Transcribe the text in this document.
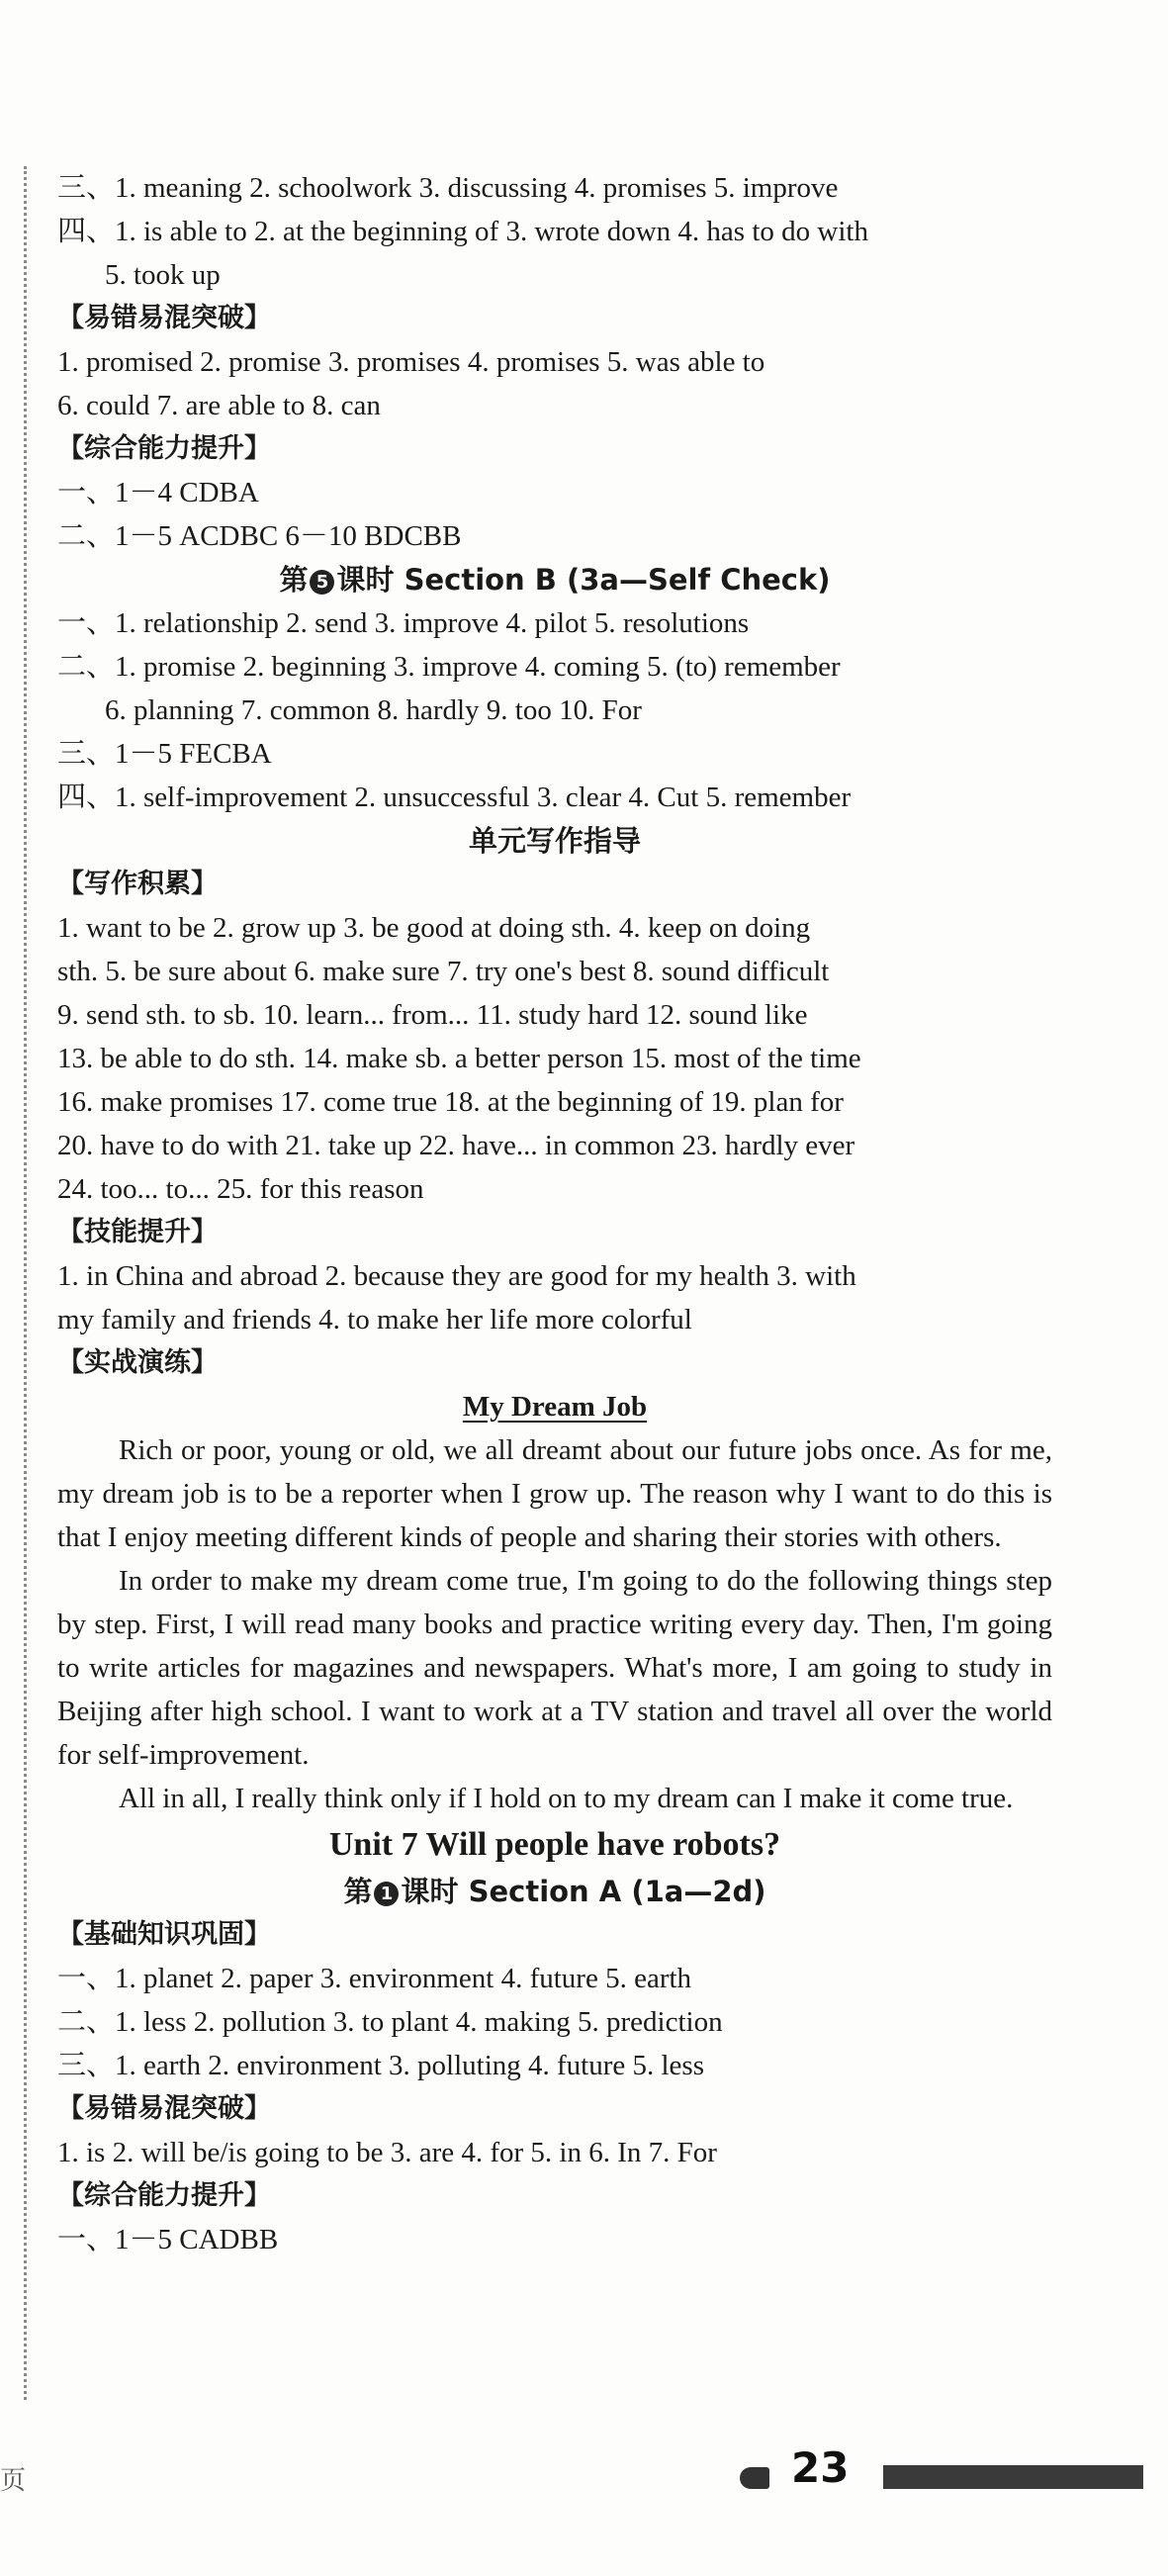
三、1. meaning 2. schoolwork 3. discussing 4. promises 5. improve
四、1. is able to 2. at the beginning of 3. wrote down 4. has to do with
5. took up
【易错易混突破】
1. promised 2. promise 3. promises 4. promises 5. was able to
6. could 7. are able to 8. can
【综合能力提升】
一、1－4 CDBA
二、1－5 ACDBC 6－10 BDCBB
第 5 课时 Section B (3a—Self Check)
一、1. relationship 2. send 3. improve 4. pilot 5. resolutions
二、1. promise 2. beginning 3. improve 4. coming 5. (to) remember
6. planning 7. common 8. hardly 9. too 10. For
三、1－5 FECBA
四、1. self-improvement 2. unsuccessful 3. clear 4. Cut 5. remember
单元写作指导
【写作积累】
1. want to be 2. grow up 3. be good at doing sth. 4. keep on doing
sth. 5. be sure about 6. make sure 7. try one's best 8. sound difficult
9. send sth. to sb. 10. learn... from... 11. study hard 12. sound like
13. be able to do sth. 14. make sb. a better person 15. most of the time
16. make promises 17. come true 18. at the beginning of 19. plan for
20. have to do with 21. take up 22. have... in common 23. hardly ever
24. too... to... 25. for this reason
【技能提升】
1. in China and abroad 2. because they are good for my health 3. with
my family and friends 4. to make her life more colorful
【实战演练】
My Dream Job

Rich or poor, young or old, we all dreamt about our future jobs once. As for me, my dream job is to be a reporter when I grow up. The reason why I want to do this is that I enjoy meeting different kinds of people and sharing their stories with others.

In order to make my dream come true, I'm going to do the following things step by step. First, I will read many books and practice writing every day. Then, I'm going to write articles for magazines and newspapers. What's more, I am going to study in Beijing after high school. I want to work at a TV station and travel all over the world for self-improvement.

All in all, I really think only if I hold on to my dream can I make it come true.

Unit 7 Will people have robots?
第 1 课时 Section A (1a—2d)
【基础知识巩固】
一、1. planet 2. paper 3. environment 4. future 5. earth
二、1. less 2. pollution 3. to plant 4. making 5. prediction
三、1. earth 2. environment 3. polluting 4. future 5. less
【易错易混突破】
1. is 2. will be/is going to be 3. are 4. for 5. in 6. In 7. For
【综合能力提升】
一、1－5 CADBB
页	23
